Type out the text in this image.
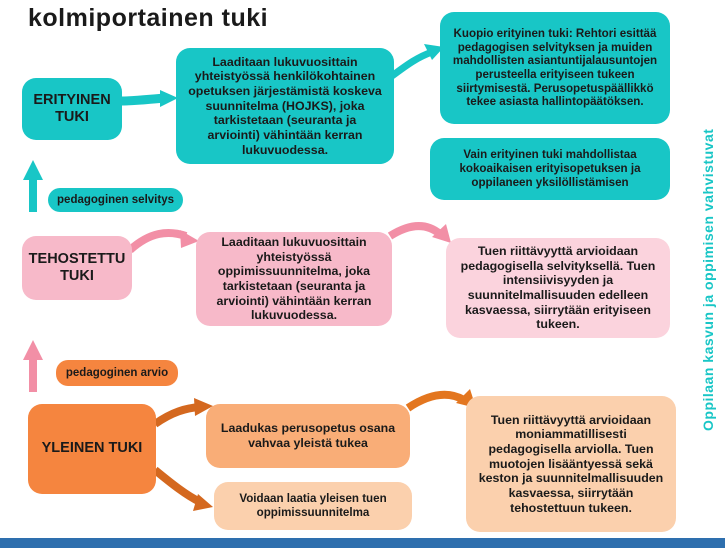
kolmiportainen tuki
ERITYINEN TUKI
Laaditaan lukuvuosittain yhteistyössä henkilökohtainen opetuksen järjestämistä koskeva suunnitelma (HOJKS), joka tarkistetaan (seuranta ja arviointi) vähintään kerran lukuvuodessa.
Kuopio erityinen tuki: Rehtori esittää pedagogisen selvityksen ja muiden mahdollisten asiantuntijalausuntojen perusteella erityiseen tukeen siirtymisestä. Perusopetuspäällikkö tekee asiasta hallintopäätöksen.
Vain erityinen tuki mahdollistaa kokoaikaisen erityisopetuksen ja oppilaneen yksilöllistämisen
pedagoginen selvitys
TEHOSTETTU TUKI
Laaditaan lukuvuosittain yhteistyössä oppimissuunnitelma, joka tarkistetaan (seuranta ja arviointi) vähintään kerran lukuvuodessa.
Tuen riittävyyttä arvioidaan pedagogisella selvityksellä. Tuen intensiivisyyden ja suunnitelmallisuuden edelleen kasvaessa, siirrytään erityiseen tukeen.
pedagoginen arvio
YLEINEN TUKI
Laadukas perusopetus osana vahvaa yleistä tukea
Voidaan laatia yleisen tuen oppimissuunnitelma
Tuen riittävyyttä arvioidaan moniammatillisesti pedagogisella arviolla. Tuen muotojen lisääntyessä sekä keston ja suunnitelmallisuuden kasvaessa, siirrytään tehostettuun tukeen.
Oppilaan kasvun ja oppimisen vahvistuvat
